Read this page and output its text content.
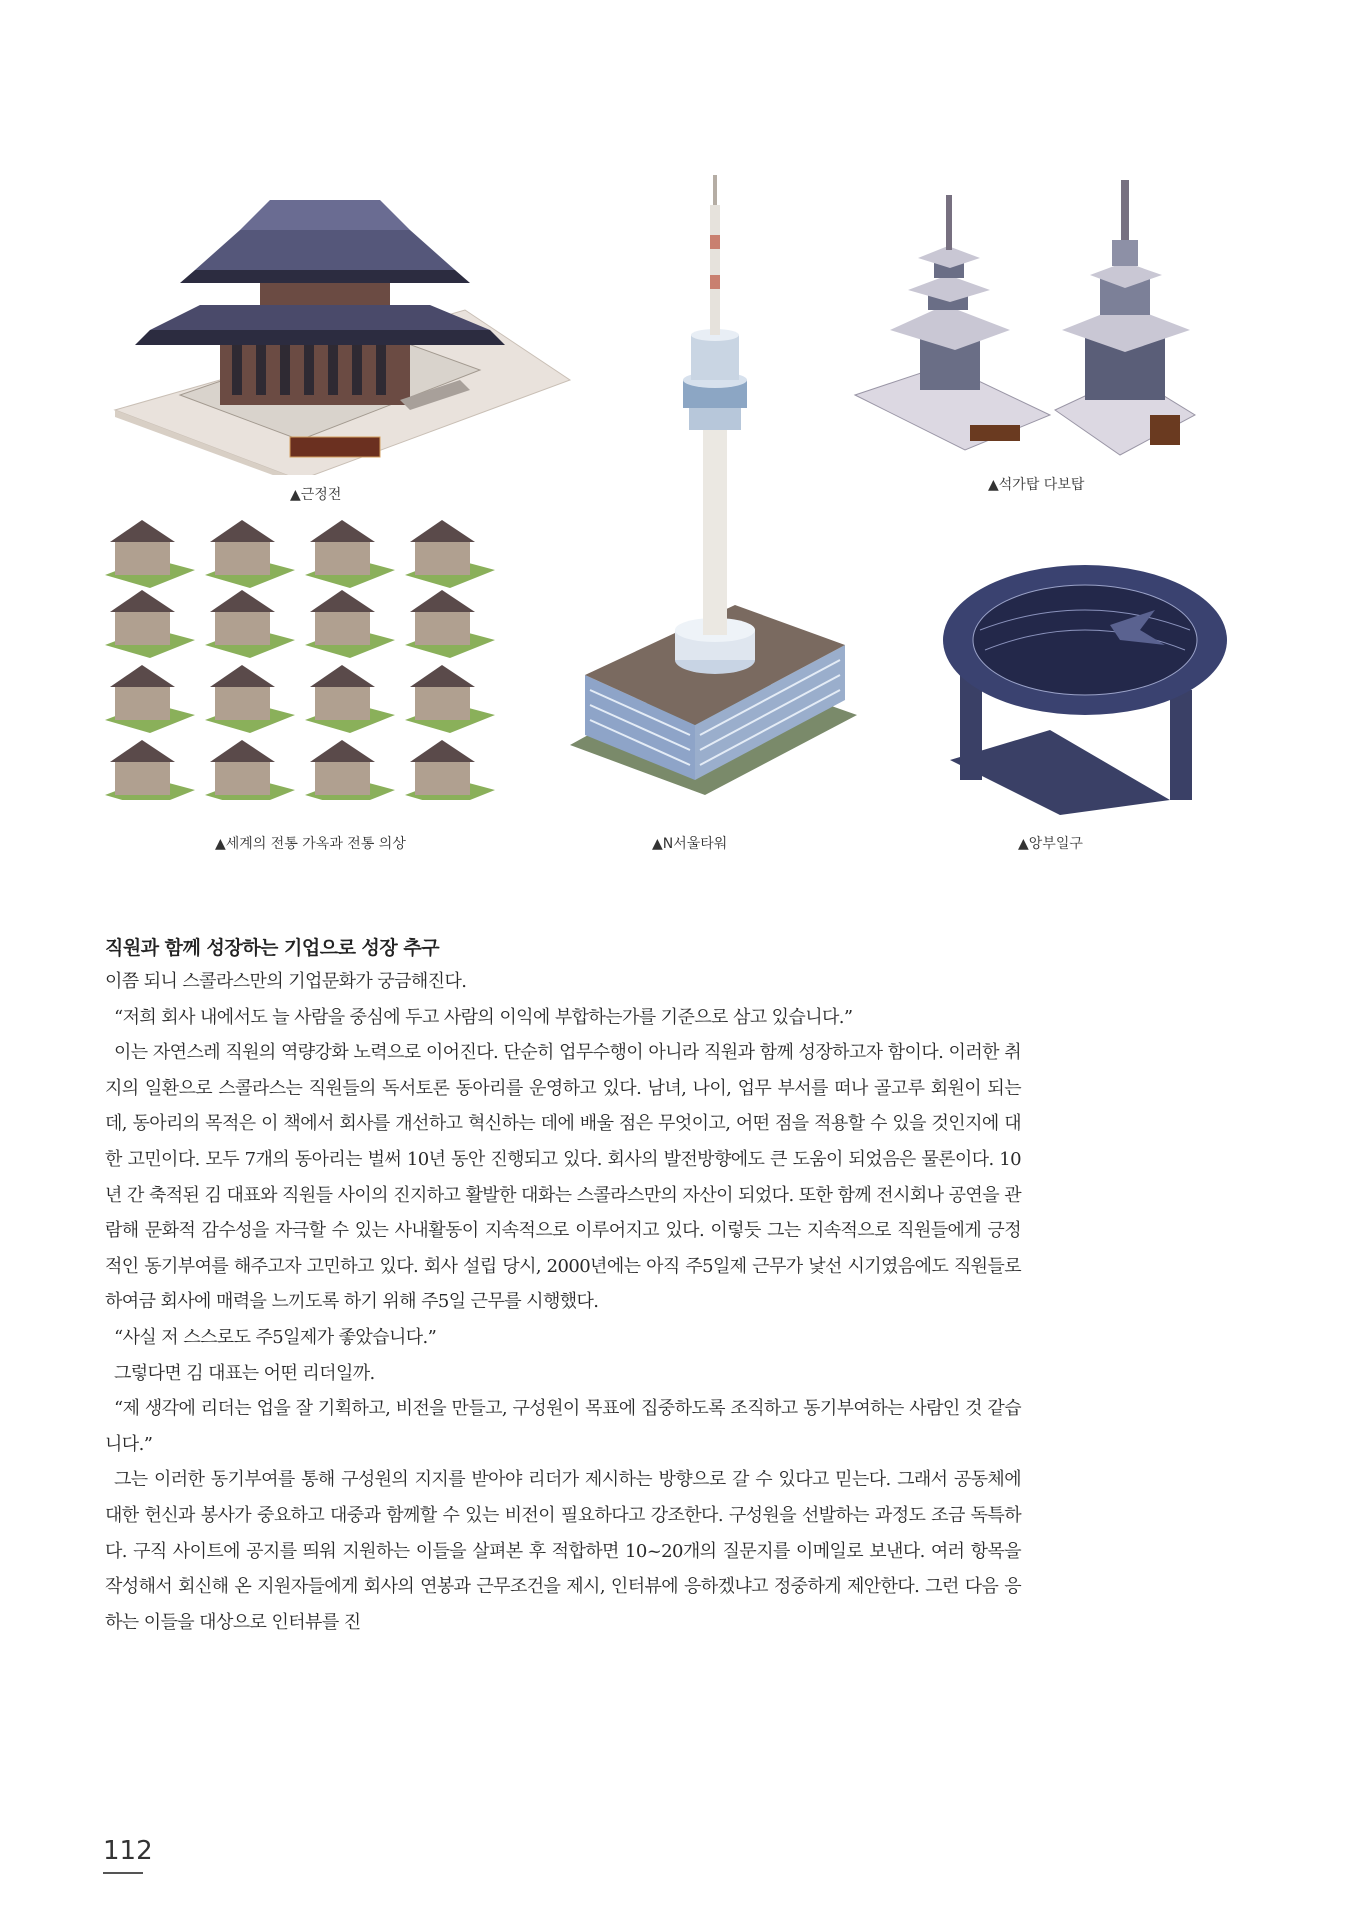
▲근정전
▲N서울타워
▲석가탑 다보탑
▲세계의 전통 가옥과 전통 의상	▲앙부일구
직원과 함께 성장하는 기업으로 성장 추구

이쯤 되니 스콜라스만의 기업문화가 궁금해진다.

“저희 회사 내에서도 늘 사람을 중심에 두고 사람의 이익에 부합하는가를 기준으로 삼고 있습니다.”

이는 자연스레 직원의 역량강화 노력으로 이어진다. 단순히 업무수행이 아니라 직원과 함께 성장하고자 함이다. 이러한 취지의 일환으로 스콜라스는 직원들의 독서토론 동아리를 운영하고 있다. 남녀, 나이, 업무 부서를 떠나 골고루 회원이 되는데, 동아리의 목적은 이 책에서 회사를 개선하고 혁신하는 데에 배울 점은 무엇이고, 어떤 점을 적용할 수 있을 것인지에 대한 고민이다. 모두 7개의 동아리는 벌써 10년 동안 진행되고 있다. 회사의 발전방향에도 큰 도움이 되었음은 물론이다. 10년 간 축적된 김 대표와 직원들 사이의 진지하고 활발한 대화는 스콜라스만의 자산이 되었다. 또한 함께 전시회나 공연을 관람해 문화적 감수성을 자극할 수 있는 사내활동이 지속적으로 이루어지고 있다. 이렇듯 그는 지속적으로 직원들에게 긍정적인 동기부여를 해주고자 고민하고 있다. 회사 설립 당시, 2000년에는 아직 주5일제 근무가 낯선 시기였음에도 직원들로 하여금 회사에 매력을 느끼도록 하기 위해 주5일 근무를 시행했다.

“사실 저 스스로도 주5일제가 좋았습니다.”

그렇다면 김 대표는 어떤 리더일까.

“제 생각에 리더는 업을 잘 기획하고, 비전을 만들고, 구성원이 목표에 집중하도록 조직하고 동기부여하는 사람인 것 같습니다.”

그는 이러한 동기부여를 통해 구성원의 지지를 받아야 리더가 제시하는 방향으로 갈 수 있다고 믿는다. 그래서 공동체에 대한 헌신과 봉사가 중요하고 대중과 함께할 수 있는 비전이 필요하다고 강조한다. 구성원을 선발하는 과정도 조금 독특하다. 구직 사이트에 공지를 띄워 지원하는 이들을 살펴본 후 적합하면 10~20개의 질문지를 이메일로 보낸다. 여러 항목을 작성해서 회신해 온 지원자들에게 회사의 연봉과 근무조건을 제시, 인터뷰에 응하겠냐고 정중하게 제안한다. 그런 다음 응하는 이들을 대상으로 인터뷰를 진

112
